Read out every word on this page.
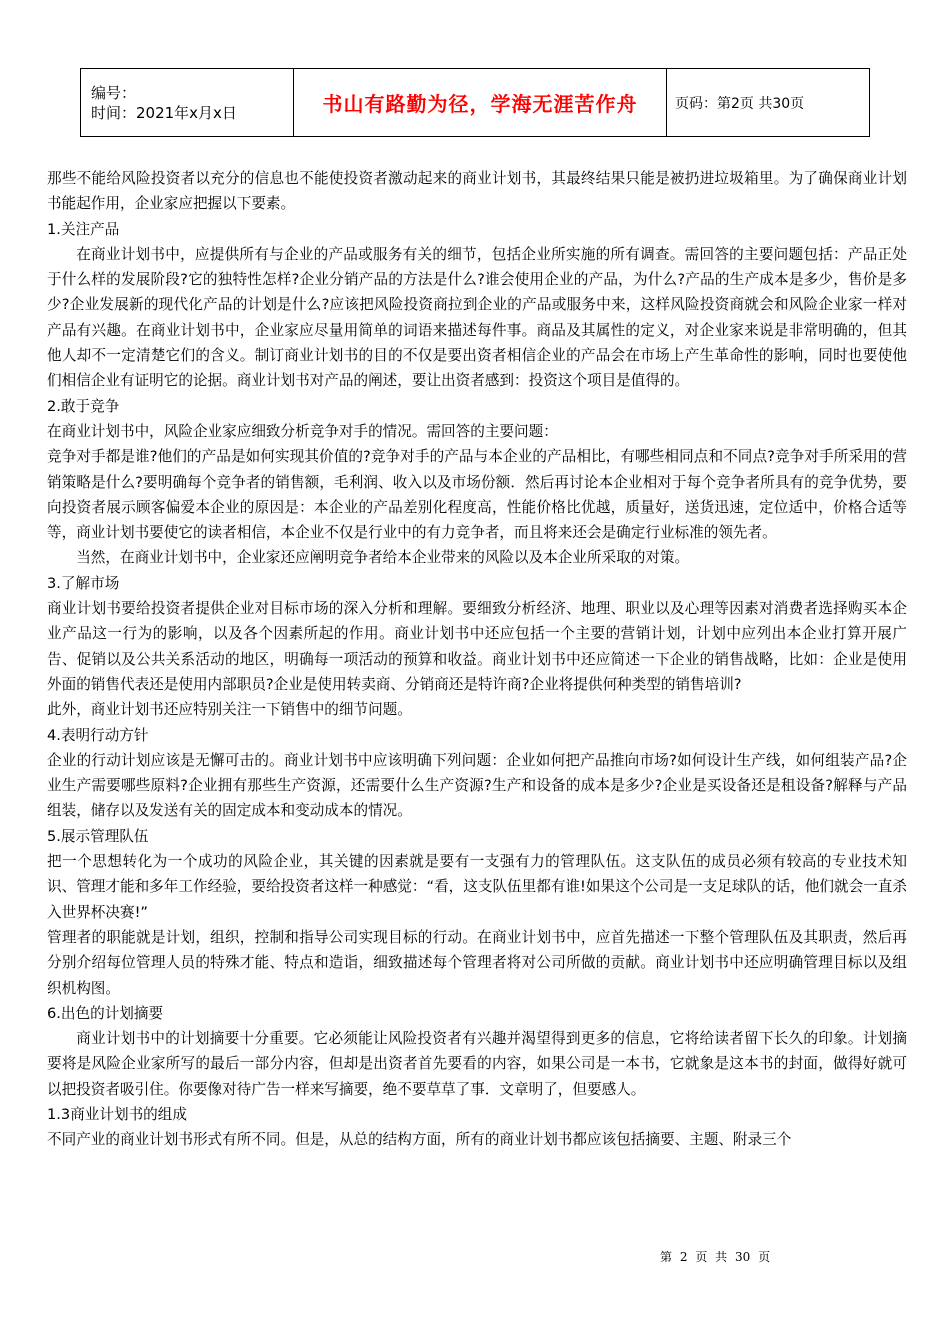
编号：
时间：2021年x月x日	书山有路勤为径，学海无涯苦作舟	页码：第2页 共30页

那些不能给风险投资者以充分的信息也不能使投资者激动起来的商业计划书，其最终结果只能是被扔进垃圾箱里。为了确保商业计划书能起作用，企业家应把握以下要素。

1.关注产品

在商业计划书中，应提供所有与企业的产品或服务有关的细节，包括企业所实施的所有调查。需回答的主要问题包括：产品正处于什么样的发展阶段?它的独特性怎样?企业分销产品的方法是什么?谁会使用企业的产品，为什么?产品的生产成本是多少，售价是多少?企业发展新的现代化产品的计划是什么?应该把风险投资商拉到企业的产品或服务中来，这样风险投资商就会和风险企业家一样对产品有兴趣。在商业计划书中，企业家应尽量用简单的词语来描述每件事。商品及其属性的定义，对企业家来说是非常明确的，但其他人却不一定清楚它们的含义。制订商业计划书的目的不仅是要出资者相信企业的产品会在市场上产生革命性的影响，同时也要使他们相信企业有证明它的论据。商业计划书对产品的阐述，要让出资者感到：投资这个项目是值得的。

2.敢于竞争

在商业计划书中，风险企业家应细致分析竞争对手的情况。需回答的主要问题：

竞争对手都是谁?他们的产品是如何实现其价值的?竞争对手的产品与本企业的产品相比，有哪些相同点和不同点?竞争对手所采用的营销策略是什么?要明确每个竞争者的销售额，毛利润、收入以及市场份额．然后再讨论本企业相对于每个竞争者所具有的竞争优势，要向投资者展示顾客偏爱本企业的原因是：本企业的产品差别化程度高，性能价格比优越，质量好，送货迅速，定位适中，价格合适等等，商业计划书要使它的读者相信，本企业不仅是行业中的有力竞争者，而且将来还会是确定行业标准的领先者。

当然，在商业计划书中，企业家还应阐明竞争者给本企业带来的风险以及本企业所采取的对策。

3.了解市场

商业计划书要给投资者提供企业对目标市场的深入分析和理解。要细致分析经济、地理、职业以及心理等因素对消费者选择购买本企业产品这一行为的影响，以及各个因素所起的作用。商业计划书中还应包括一个主要的营销计划，计划中应列出本企业打算开展广告、促销以及公共关系活动的地区，明确每一项活动的预算和收益。商业计划书中还应简述一下企业的销售战略，比如：企业是使用外面的销售代表还是使用内部职员?企业是使用转卖商、分销商还是特许商?企业将提供何种类型的销售培训?

此外，商业计划书还应特别关注一下销售中的细节问题。

4.表明行动方针

企业的行动计划应该是无懈可击的。商业计划书中应该明确下列问题：企业如何把产品推向市场?如何设计生产线，如何组装产品?企业生产需要哪些原料?企业拥有那些生产资源，还需要什么生产资源?生产和设备的成本是多少?企业是买设备还是租设备?解释与产品组装，储存以及发送有关的固定成本和变动成本的情况。

5.展示管理队伍

把一个思想转化为一个成功的风险企业，其关键的因素就是要有一支强有力的管理队伍。这支队伍的成员必须有较高的专业技术知识、管理才能和多年工作经验，要给投资者这样一种感觉：“看，这支队伍里都有谁!如果这个公司是一支足球队的话，他们就会一直杀入世界杯决赛!”

管理者的职能就是计划，组织，控制和指导公司实现目标的行动。在商业计划书中，应首先描述一下整个管理队伍及其职责，然后再分别介绍每位管理人员的特殊才能、特点和造诣，细致描述每个管理者将对公司所做的贡献。商业计划书中还应明确管理目标以及组织机构图。

6.出色的计划摘要

商业计划书中的计划摘要十分重要。它必须能让风险投资者有兴趣并渴望得到更多的信息，它将给读者留下长久的印象。计划摘要将是风险企业家所写的最后一部分内容，但却是出资者首先要看的内容，如果公司是一本书，它就象是这本书的封面，做得好就可以把投资者吸引住。你要像对待广告一样来写摘要，绝不要草草了事．文章明了，但要感人。

1.3商业计划书的组成

不同产业的商业计划书形式有所不同。但是，从总的结构方面，所有的商业计划书都应该包括摘要、主题、附录三个

第 2 页 共 30 页
